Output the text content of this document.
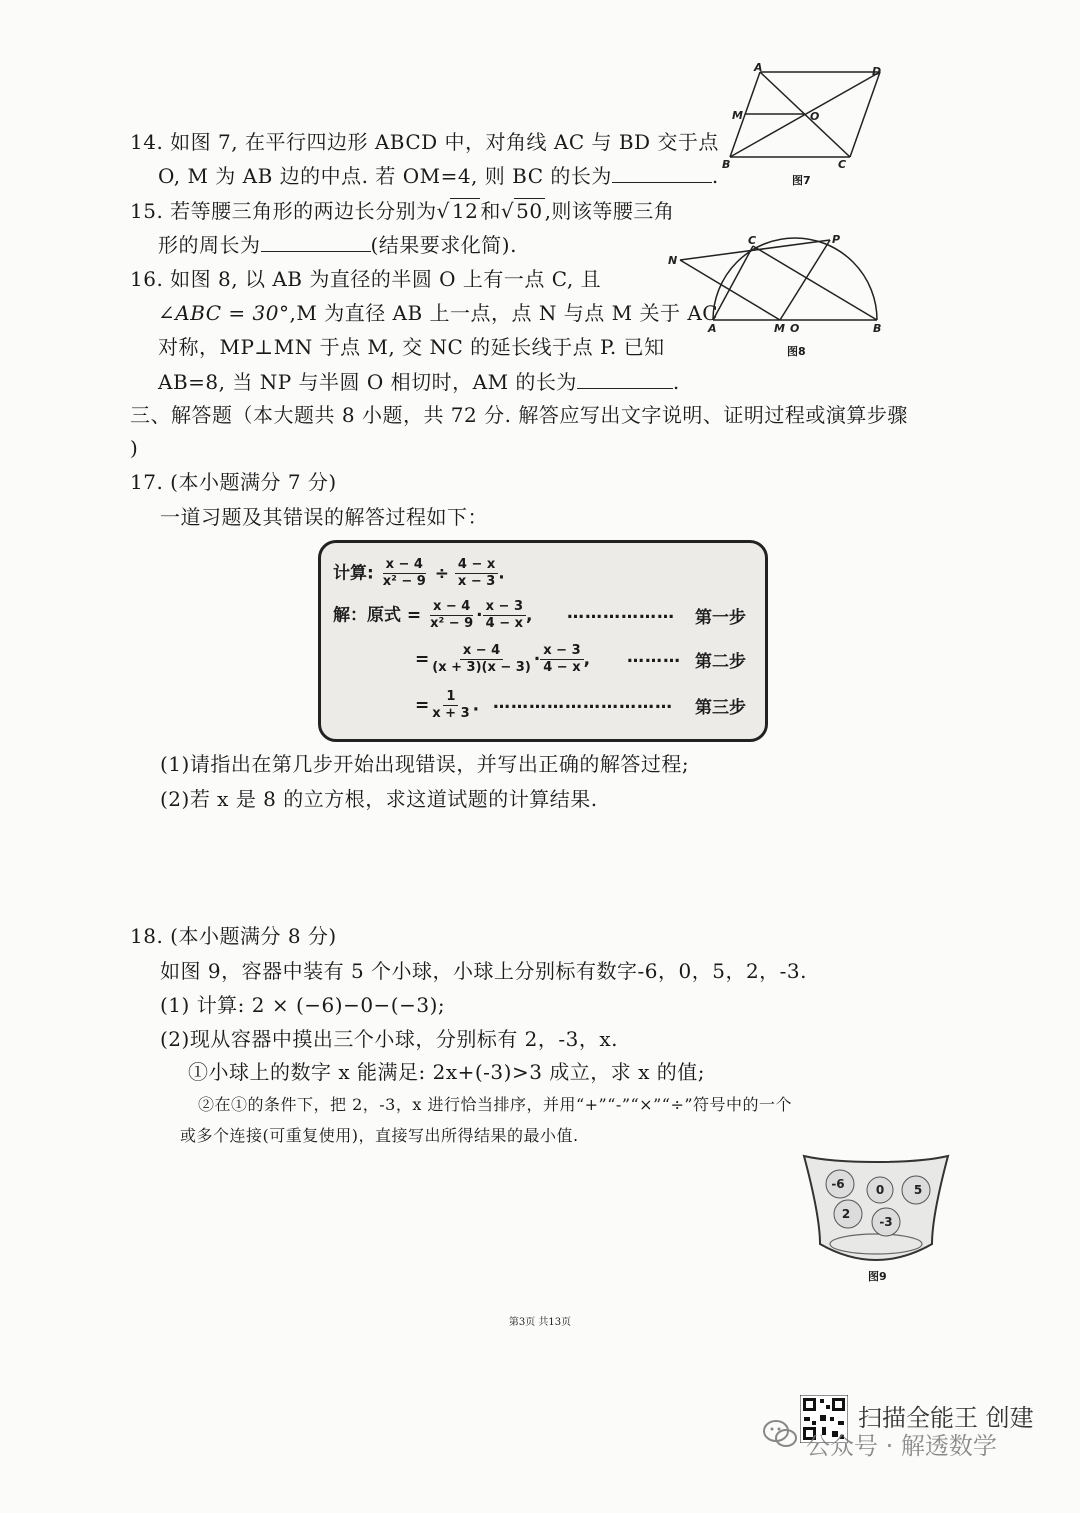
14. 如图 7, 在平行四边形 ABCD 中，对角线 AC 与 BD 交于点
O, M 为 AB 边的中点. 若 OM=4, 则 BC 的长为	.
A	D
M	O
B	C
图7
15. 若等腰三角形的两边长分别为√ 12 和√ 50 ,则该等腰三角
形的周长为	(结果要求化简).
16. 如图 8, 以 AB 为直径的半圆 O 上有一点 C, 且
∠ABC = 30°,M 为直径 AB 上一点，点 N 与点 M 关于 AC
对称，MP⊥MN 于点 M, 交 NC 的延长线于点 P. 已知
AB=8, 当 NP 与半圆 O 相切时，AM 的长为	.
N
C	P
A	M O	B
图8
三、解答题（本大题共 8 小题，共 72 分. 解答应写出文字说明、证明过程或演算步骤
)
17. (本小题满分 7 分)
一道习题及其错误的解答过程如下：
计算: $\frac{x - 4}{\text{x² − 9}} \div \frac{4 - x}{x - 3}$ .
解：原式 = $\frac{x - 4}{\text{x² − 9}} \cdot \frac{x - 3}{4 - x}$ , ……………… 第一步
= $\frac{x - 4}{(x + 3)(x - 3)} \cdot \frac{x - 3}{4 - x}$ , ……… 第二步
= $\frac{1}{x + 3}$ . ………………………… 第三步
(1)请指出在第几步开始出现错误，并写出正确的解答过程;
(2)若 x 是 8 的立方根，求这道试题的计算结果.
18. (本小题满分 8 分)
如图 9，容器中装有 5 个小球，小球上分别标有数字-6，0，5，2，-3.
(1) 计算: 2 × (−6)−0−(−3);
(2)现从容器中摸出三个小球，分别标有 2，-3，x.
①小球上的数字 x 能满足: 2x+(-3)>3 成立，求 x 的值;
②在①的条件下，把 2，-3，x 进行恰当排序，并用“+”“-”“×”“÷”符号中的一个
或多个连接(可重复使用)，直接写出所得结果的最小值.
-6	0 5
2
-3
图9
第3页 共13页
扫描全能王 创建
公众号 · 解透数学
